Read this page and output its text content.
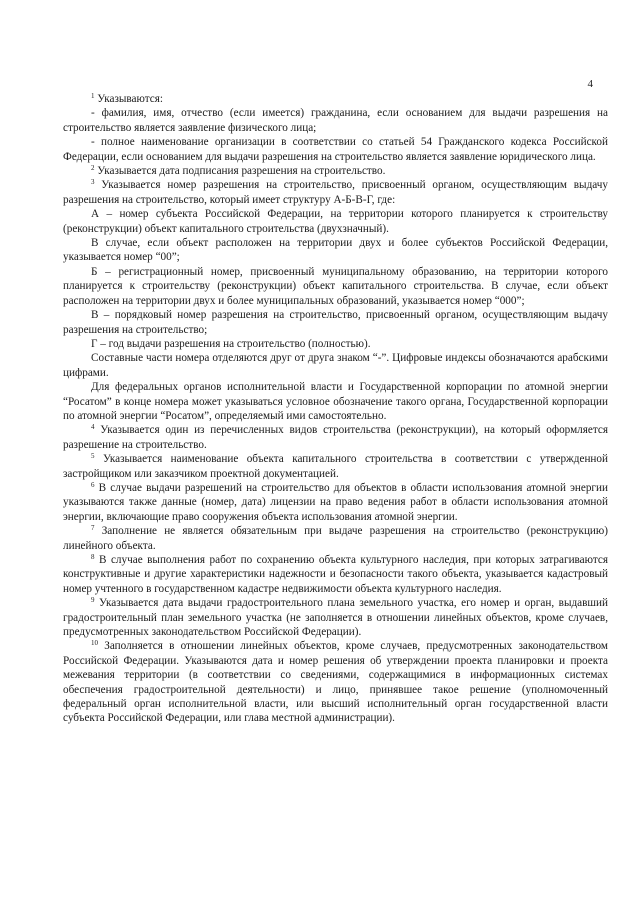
4

$^1$ Указываются:

- фамилия, имя, отчество (если имеется) гражданина, если основанием для выдачи разрешения на строительство является заявление физического лица;

- полное наименование организации в соответствии со статьей 54 Гражданского кодекса Российской Федерации, если основанием для выдачи разрешения на строительство является заявление юридического лица.

$^2$ Указывается дата подписания разрешения на строительство.

$^3$ Указывается номер разрешения на строительство, присвоенный органом, осуществляющим выдачу разрешения на строительство, который имеет структуру А-Б-В-Г, где:

А – номер субъекта Российской Федерации, на территории которого планируется к строительству (реконструкции) объект капитального строительства (двухзначный).

В случае, если объект расположен на территории двух и более субъектов Российской Федерации, указывается номер “00”;

Б – регистрационный номер, присвоенный муниципальному образованию, на территории которого планируется к строительству (реконструкции) объект капитального строительства. В случае, если объект расположен на территории двух и более муниципальных образований, указывается номер “000”;

В – порядковый номер разрешения на строительство, присвоенный органом, осуществляющим выдачу разрешения на строительство;

Г – год выдачи разрешения на строительство (полностью).

Составные части номера отделяются друг от друга знаком “-”. Цифровые индексы обозначаются арабскими цифрами.

Для федеральных органов исполнительной власти и Государственной корпорации по атомной энергии “Росатом” в конце номера может указываться условное обозначение такого органа, Государственной корпорации по атомной энергии “Росатом”, определяемый ими самостоятельно.

$^4$ Указывается один из перечисленных видов строительства (реконструкции), на который оформляется разрешение на строительство.

$^5$ Указывается наименование объекта капитального строительства в соответствии с утвержденной застройщиком или заказчиком проектной документацией.

$^6$ В случае выдачи разрешений на строительство для объектов в области использования атомной энергии указываются также данные (номер, дата) лицензии на право ведения работ в области использования атомной энергии, включающие право сооружения объекта использования атомной энергии.

$^7$ Заполнение не является обязательным при выдаче разрешения на строительство (реконструкцию) линейного объекта.

$^8$ В случае выполнения работ по сохранению объекта культурного наследия, при которых затрагиваются конструктивные и другие характеристики надежности и безопасности такого объекта, указывается кадастровый номер учтенного в государственном кадастре недвижимости объекта культурного наследия.

$^9$ Указывается дата выдачи градостроительного плана земельного участка, его номер и орган, выдавший градостроительный план земельного участка (не заполняется в отношении линейных объектов, кроме случаев, предусмотренных законодательством Российской Федерации).

$^{10}$ Заполняется в отношении линейных объектов, кроме случаев, предусмотренных законодательством Российской Федерации. Указываются дата и номер решения об утверждении проекта планировки и проекта межевания территории (в соответствии со сведениями, содержащимися в информационных системах обеспечения градостроительной деятельности) и лицо, принявшее такое решение (уполномоченный федеральный орган исполнительной власти, или высший исполнительный орган государственной власти субъекта Российской Федерации, или глава местной администрации).
